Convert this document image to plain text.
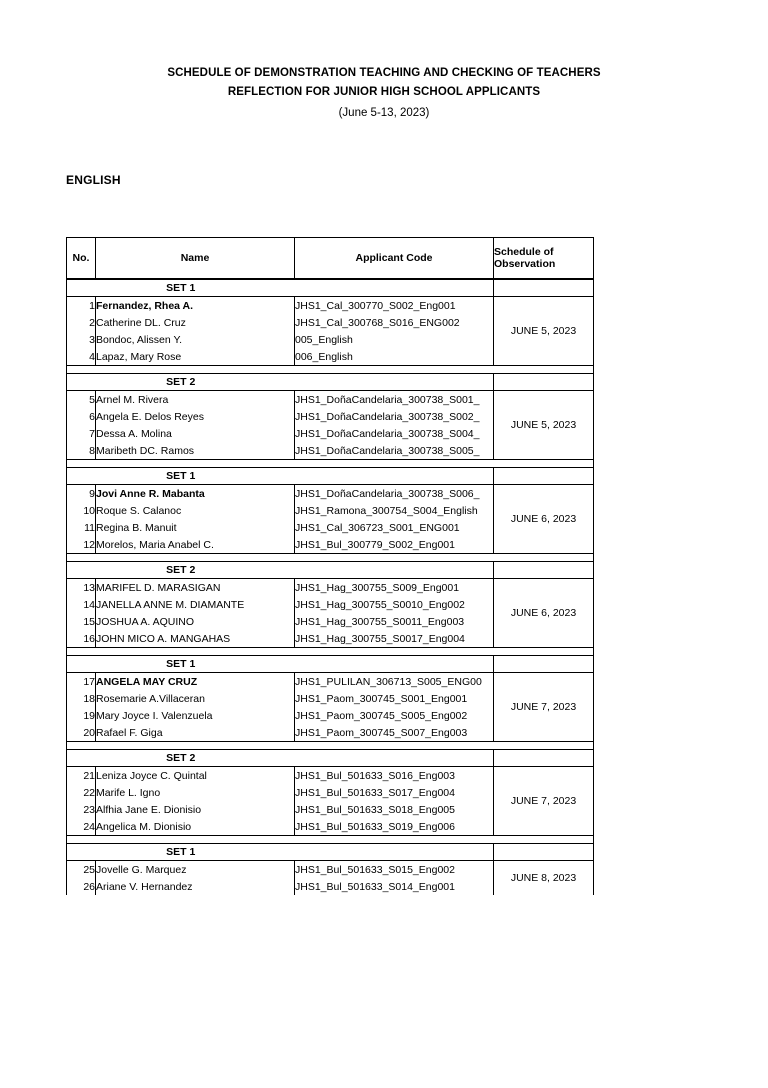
SCHEDULE OF DEMONSTRATION TEACHING AND CHECKING OF TEACHERS
REFLECTION FOR JUNIOR HIGH SCHOOL APPLICANTS
(June 5-13, 2023)
ENGLISH
No.	Name	Applicant Code	Schedule of
Observation

SET 1			
1	Fernandez, Rhea A.	JHS1_Cal_300770_S002_Eng001	JUNE 5, 2023
2	Catherine DL. Cruz	JHS1_Cal_300768_S016_ENG002	
3	Bondoc, Alissen Y.	005_English	
4	Lapaz, Mary Rose	006_English	

SET 2			
5	Arnel M. Rivera	JHS1_DoñaCandelaria_300738_S001_	JUNE 5, 2023
6	Angela E. Delos Reyes	JHS1_DoñaCandelaria_300738_S002_	
7	Dessa A. Molina	JHS1_DoñaCandelaria_300738_S004_	
8	Maribeth DC. Ramos	JHS1_DoñaCandelaria_300738_S005_	

SET 1			
9	Jovi Anne R. Mabanta	JHS1_DoñaCandelaria_300738_S006_	JUNE 6, 2023
10	Roque S. Calanoc	JHS1_Ramona_300754_S004_English	
11	Regina B. Manuit	JHS1_Cal_306723_S001_ENG001	
12	Morelos, Maria Anabel C.	JHS1_Bul_300779_S002_Eng001	

SET 2			
13	MARIFEL D. MARASIGAN	JHS1_Hag_300755_S009_Eng001	JUNE 6, 2023
14	JANELLA ANNE M. DIAMANTE	JHS1_Hag_300755_S0010_Eng002	
15	JOSHUA A. AQUINO	JHS1_Hag_300755_S0011_Eng003	
16	JOHN MICO A. MANGAHAS	JHS1_Hag_300755_S0017_Eng004	

SET 1			
17	ANGELA MAY CRUZ	JHS1_PULILAN_306713_S005_ENG00	JUNE 7, 2023
18	Rosemarie A.Villaceran	JHS1_Paom_300745_S001_Eng001	
19	Mary Joyce I. Valenzuela	JHS1_Paom_300745_S005_Eng002	
20	Rafael F. Giga	JHS1_Paom_300745_S007_Eng003	

SET 2			
21	Leniza Joyce C. Quintal	JHS1_Bul_501633_S016_Eng003	JUNE 7, 2023
22	Marife L. Igno	JHS1_Bul_501633_S017_Eng004	
23	Alfhia Jane E. Dionisio	JHS1_Bul_501633_S018_Eng005	
24	Angelica M. Dionisio	JHS1_Bul_501633_S019_Eng006	

SET 1			
25	Jovelle G. Marquez	JHS1_Bul_501633_S015_Eng002	JUNE 8, 2023
26	Ariane V. Hernandez	JHS1_Bul_501633_S014_Eng001	
